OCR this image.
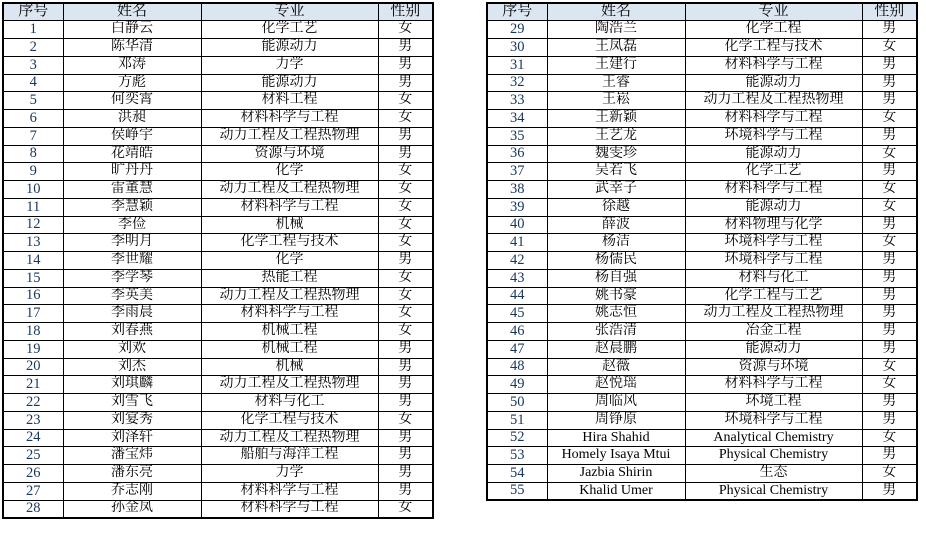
序号	姓名	专业	性别
1	白静云	化学工艺	女
2	陈华清	能源动力	男
3	邓涛	力学	男
4	方彪	能源动力	男
5	何奕霄	材料工程	女
6	洪昶	材料科学与工程	女
7	侯峥宇	动力工程及工程热物理	男
8	花靖皓	资源与环境	男
9	旷丹丹	化学	女
10	雷董慧	动力工程及工程热物理	女
11	李慧颖	材料科学与工程	女
12	李俭	机械	女
13	李明月	化学工程与技术	女
14	李世耀	化学	男
15	李学琴	热能工程	女
16	李英美	动力工程及工程热物理	女
17	李雨晨	材料科学与工程	女
18	刘春燕	机械工程	女
19	刘欢	机械工程	男
20	刘杰	机械	男
21	刘琪麟	动力工程及工程热物理	男
22	刘雪飞	材料与化工	男
23	刘宴秀	化学工程与技术	女
24	刘泽轩	动力工程及工程热物理	男
25	潘宝炜	船舶与海洋工程	男
26	潘东亮	力学	男
27	乔志刚	材料科学与工程	男
28	孙金凤	材料科学与工程	女
序号	姓名	专业	性别
29	陶浩兰	化学工程	男
30	王凤磊	化学工程与技术	女
31	王建行	材料科学与工程	男
32	王睿	能源动力	男
33	王崧	动力工程及工程热物理	男
34	王新颖	材料科学与工程	女
35	王艺龙	环境科学与工程	男
36	魏雯珍	能源动力	女
37	吴若飞	化学工艺	男
38	武幸子	材料科学与工程	女
39	徐越	能源动力	女
40	薛波	材料物理与化学	男
41	杨洁	环境科学与工程	女
42	杨儒民	环境科学与工程	男
43	杨自强	材料与化工	男
44	姚书豪	化学工程与工艺	男
45	姚志恒	动力工程及工程热物理	男
46	张浩清	冶金工程	男
47	赵晨鹏	能源动力	男
48	赵薇	资源与环境	女
49	赵悦瑶	材料科学与工程	女
50	周临风	环境工程	男
51	周铮原	环境科学与工程	男
52	Hira Shahid	Analytical Chemistry	女
53	Homely Isaya Mtui	Physical Chemistry	男
54	Jazbia Shirin	生态	女
55	Khalid Umer	Physical Chemistry	男
